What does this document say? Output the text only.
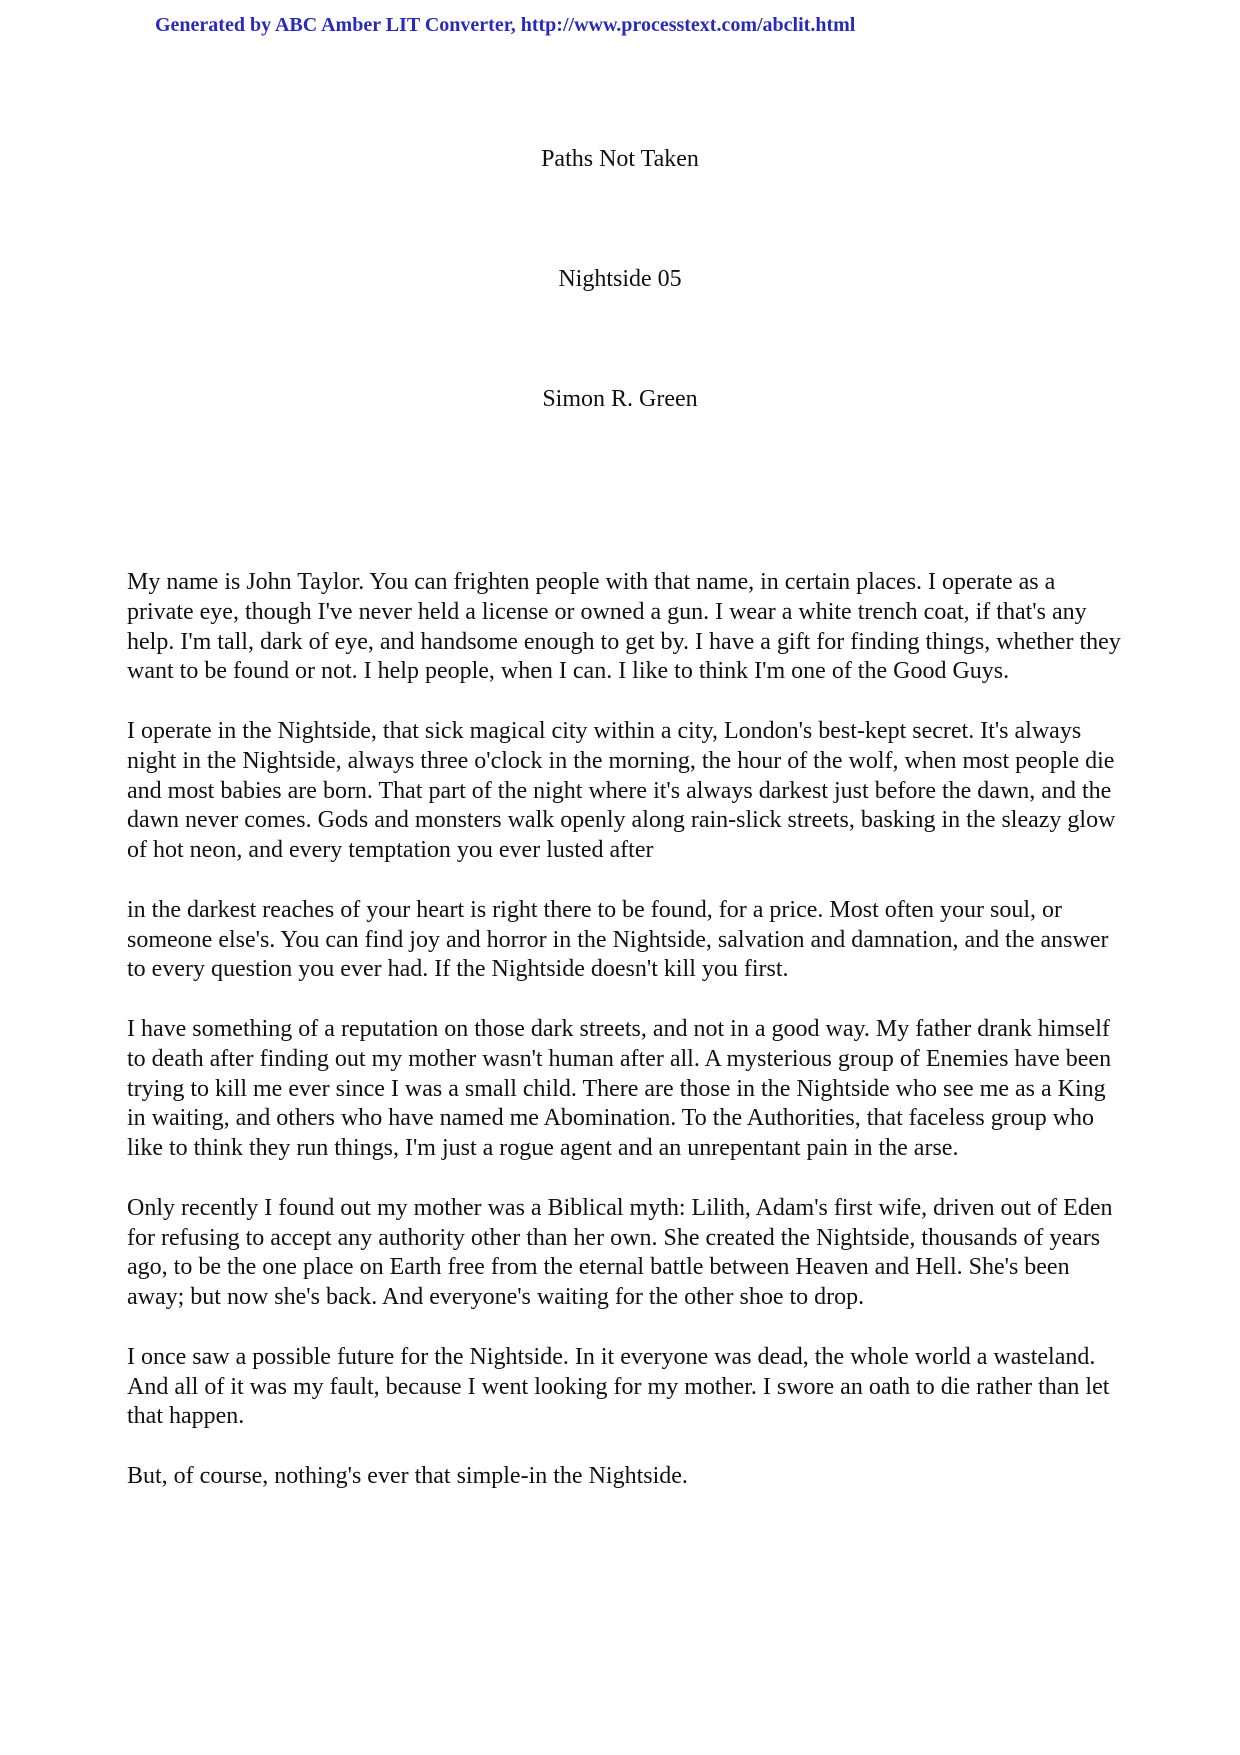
Generated by ABC Amber LIT Converter, http://www.processtext.com/abclit.html
Paths Not Taken
Nightside 05
Simon R. Green

My name is John Taylor. You can frighten people with that name, in certain places. I operate as a private eye, though I've never held a license or owned a gun. I wear a white trench coat, if that's any help. I'm tall, dark of eye, and handsome enough to get by. I have a gift for finding things, whether they want to be found or not. I help people, when I can. I like to think I'm one of the Good Guys.

I operate in the Nightside, that sick magical city within a city, London's best-kept secret. It's always night in the Nightside, always three o'clock in the morning, the hour of the wolf, when most people die and most babies are born. That part of the night where it's always darkest just before the dawn, and the dawn never comes. Gods and monsters walk openly along rain-slick streets, basking in the sleazy glow of hot neon, and every temptation you ever lusted after

in the darkest reaches of your heart is right there to be found, for a price. Most often your soul, or someone else's. You can find joy and horror in the Nightside, salvation and damnation, and the answer to every question you ever had. If the Nightside doesn't kill you first.

I have something of a reputation on those dark streets, and not in a good way. My father drank himself to death after finding out my mother wasn't human after all. A mysterious group of Enemies have been trying to kill me ever since I was a small child. There are those in the Nightside who see me as a King in waiting, and others who have named me Abomination. To the Authorities, that faceless group who like to think they run things, I'm just a rogue agent and an unrepentant pain in the arse.

Only recently I found out my mother was a Biblical myth: Lilith, Adam's first wife, driven out of Eden for refusing to accept any authority other than her own. She created the Nightside, thousands of years ago, to be the one place on Earth free from the eternal battle between Heaven and Hell. She's been away; but now she's back. And everyone's waiting for the other shoe to drop.

I once saw a possible future for the Nightside. In it everyone was dead, the whole world a wasteland. And all of it was my fault, because I went looking for my mother. I swore an oath to die rather than let that happen.

But, of course, nothing's ever that simple-in the Nightside.
